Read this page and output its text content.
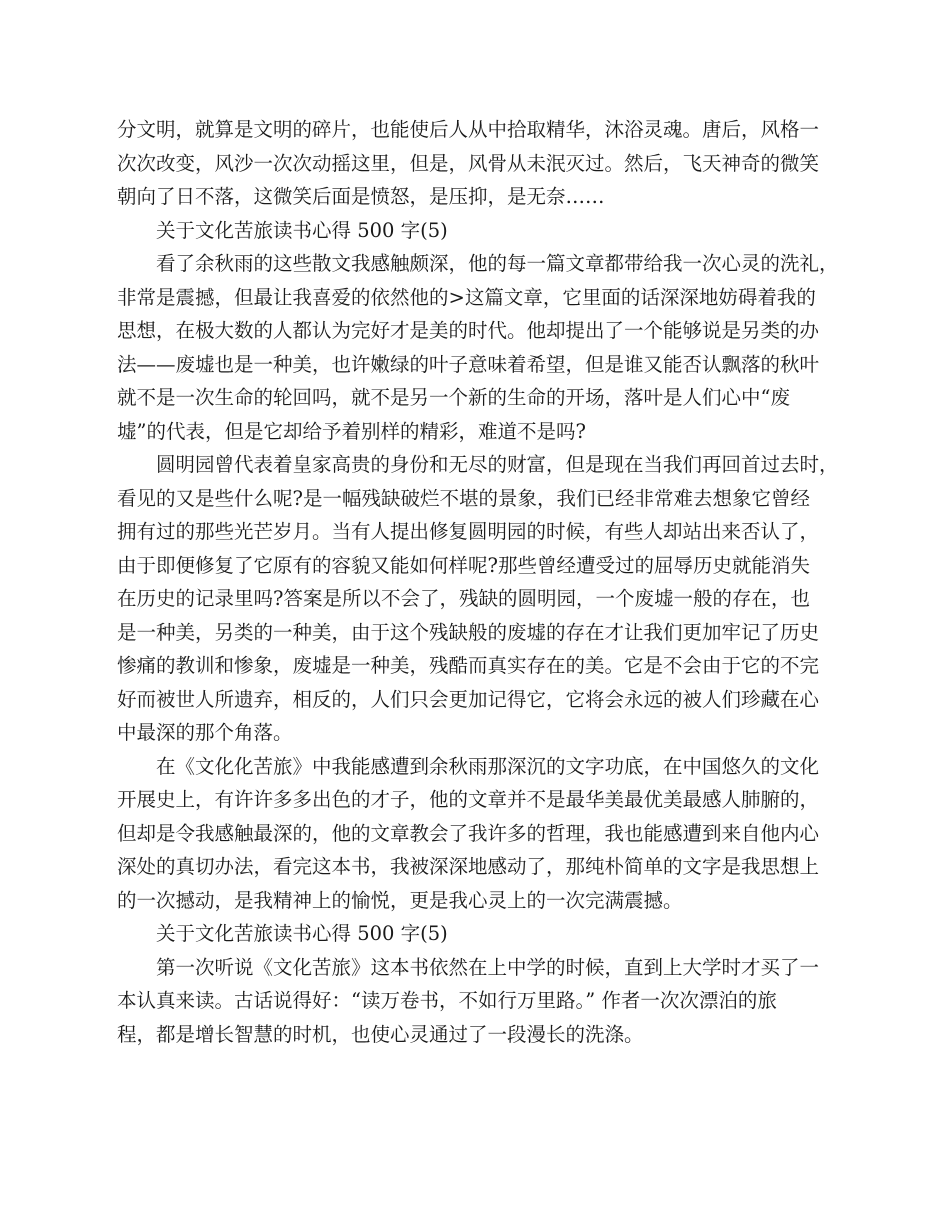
分文明，就算是文明的碎片，也能使后人从中拾取精华，沐浴灵魂。唐后，风格一
次次改变，风沙一次次动摇这里，但是，风骨从未泯灭过。然后，飞天神奇的微笑
朝向了日不落，这微笑后面是愤怒，是压抑，是无奈……
关于文化苦旅读书心得 500 字(5)
看了余秋雨的这些散文我感触颇深，他的每一篇文章都带给我一次心灵的洗礼，
非常是震撼，但最让我喜爱的依然他的>这篇文章，它里面的话深深地妨碍着我的
思想，在极大数的人都认为完好才是美的时代。他却提出了一个能够说是另类的办
法——废墟也是一种美，也许嫩绿的叶子意味着希望，但是谁又能否认飘落的秋叶
就不是一次生命的轮回吗，就不是另一个新的生命的开场，落叶是人们心中“废
墟”的代表，但是它却给予着别样的精彩，难道不是吗?
圆明园曾代表着皇家高贵的身份和无尽的财富，但是现在当我们再回首过去时，
看见的又是些什么呢?是一幅残缺破烂不堪的景象，我们已经非常难去想象它曾经
拥有过的那些光芒岁月。当有人提出修复圆明园的时候，有些人却站出来否认了，
由于即便修复了它原有的容貌又能如何样呢?那些曾经遭受过的屈辱历史就能消失
在历史的记录里吗?答案是所以不会了，残缺的圆明园，一个废墟一般的存在，也
是一种美，另类的一种美，由于这个残缺般的废墟的存在才让我们更加牢记了历史
惨痛的教训和惨象，废墟是一种美，残酷而真实存在的美。它是不会由于它的不完
好而被世人所遗弃，相反的，人们只会更加记得它，它将会永远的被人们珍藏在心
中最深的那个角落。
在《文化化苦旅》中我能感遭到余秋雨那深沉的文字功底，在中国悠久的文化
开展史上，有许许多多出色的才子，他的文章并不是最华美最优美最感人肺腑的，
但却是令我感触最深的，他的文章教会了我许多的哲理，我也能感遭到来自他内心
深处的真切办法，看完这本书，我被深深地感动了，那纯朴简单的文字是我思想上
的一次撼动，是我精神上的愉悦，更是我心灵上的一次完满震撼。
关于文化苦旅读书心得 500 字(5)
第一次听说《文化苦旅》这本书依然在上中学的时候，直到上大学时才买了一
本认真来读。古话说得好：“读万卷书，不如行万里路。” 作者一次次漂泊的旅
程，都是增长智慧的时机，也使心灵通过了一段漫长的洗涤。
